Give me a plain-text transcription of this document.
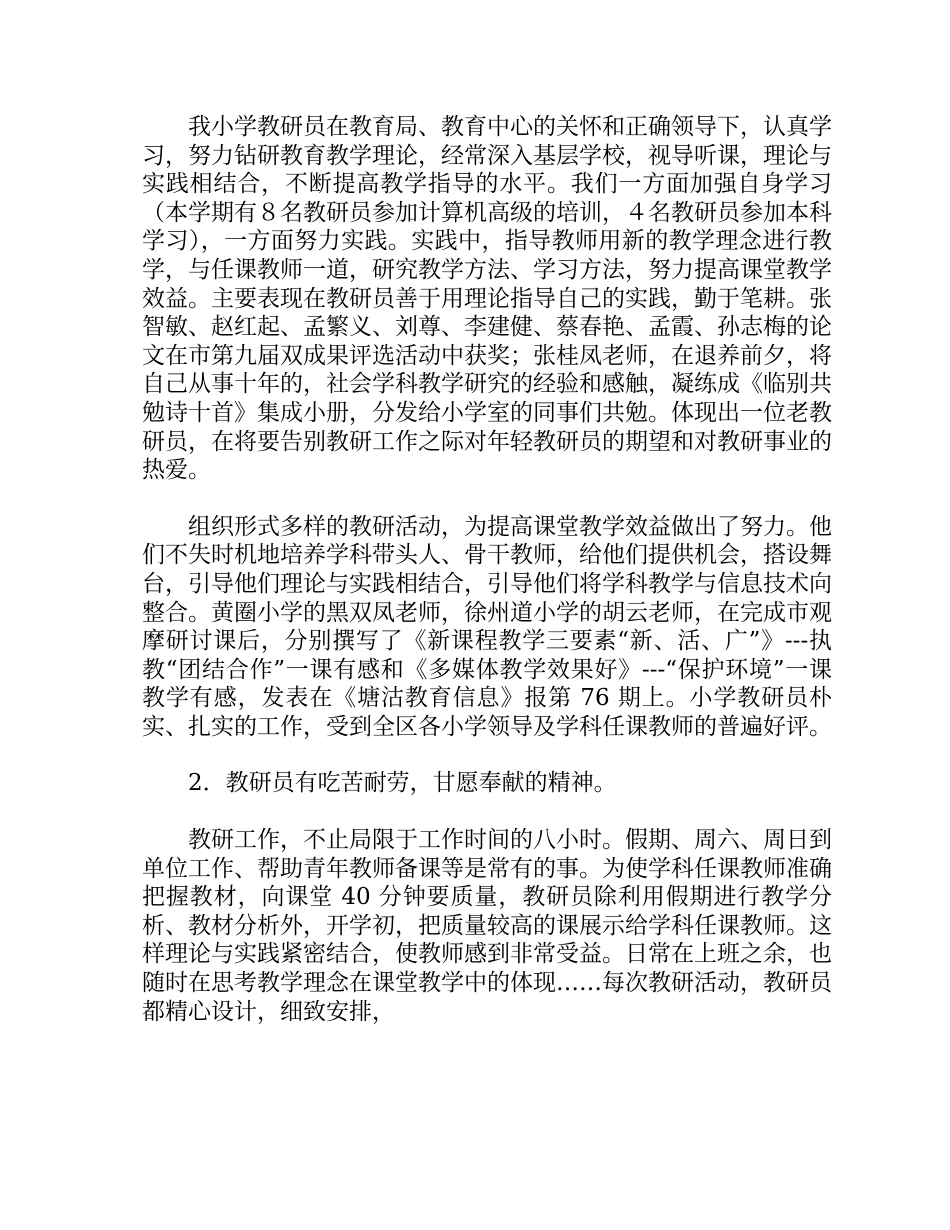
我小学教研员在教育局、教育中心的关怀和正确领导下，认真学习，努力钻研教育教学理论，经常深入基层学校，视导听课，理论与实践相结合，不断提高教学指导的水平。我们一方面加强自身学习（本学期有８名教研员参加计算机高级的培训，４名教研员参加本科学习），一方面努力实践。实践中，指导教师用新的教学理念进行教学，与任课教师一道，研究教学方法、学习方法，努力提高课堂教学效益。主要表现在教研员善于用理论指导自己的实践，勤于笔耕。张智敏、赵红起、孟繁义、刘尊、李建健、蔡春艳、孟霞、孙志梅的论文在市第九届双成果评选活动中获奖；张桂凤老师，在退养前夕，将自己从事十年的，社会学科教学研究的经验和感触，凝练成《临别共勉诗十首》集成小册，分发给小学室的同事们共勉。体现出一位老教研员，在将要告别教研工作之际对年轻教研员的期望和对教研事业的热爱。

组织形式多样的教研活动，为提高课堂教学效益做出了努力。他们不失时机地培养学科带头人、骨干教师，给他们提供机会，搭设舞台，引导他们理论与实践相结合，引导他们将学科教学与信息技术向整合。黄圈小学的黑双凤老师，徐州道小学的胡云老师，在完成市观摩研讨课后，分别撰写了《新课程教学三要素“新、活、广”》---执教“团结合作”一课有感和《多媒体教学效果好》---“保护环境”一课教学有感，发表在《塘沽教育信息》报第 76 期上。小学教研员朴实、扎实的工作，受到全区各小学领导及学科任课教师的普遍好评。

2．教研员有吃苦耐劳，甘愿奉献的精神。

教研工作，不止局限于工作时间的八小时。假期、周六、周日到单位工作、帮助青年教师备课等是常有的事。为使学科任课教师准确把握教材，向课堂 40 分钟要质量，教研员除利用假期进行教学分析、教材分析外，开学初，把质量较高的课展示给学科任课教师。这样理论与实践紧密结合，使教师感到非常受益。日常在上班之余，也随时在思考教学理念在课堂教学中的体现……每次教研活动，教研员都精心设计，细致安排，
